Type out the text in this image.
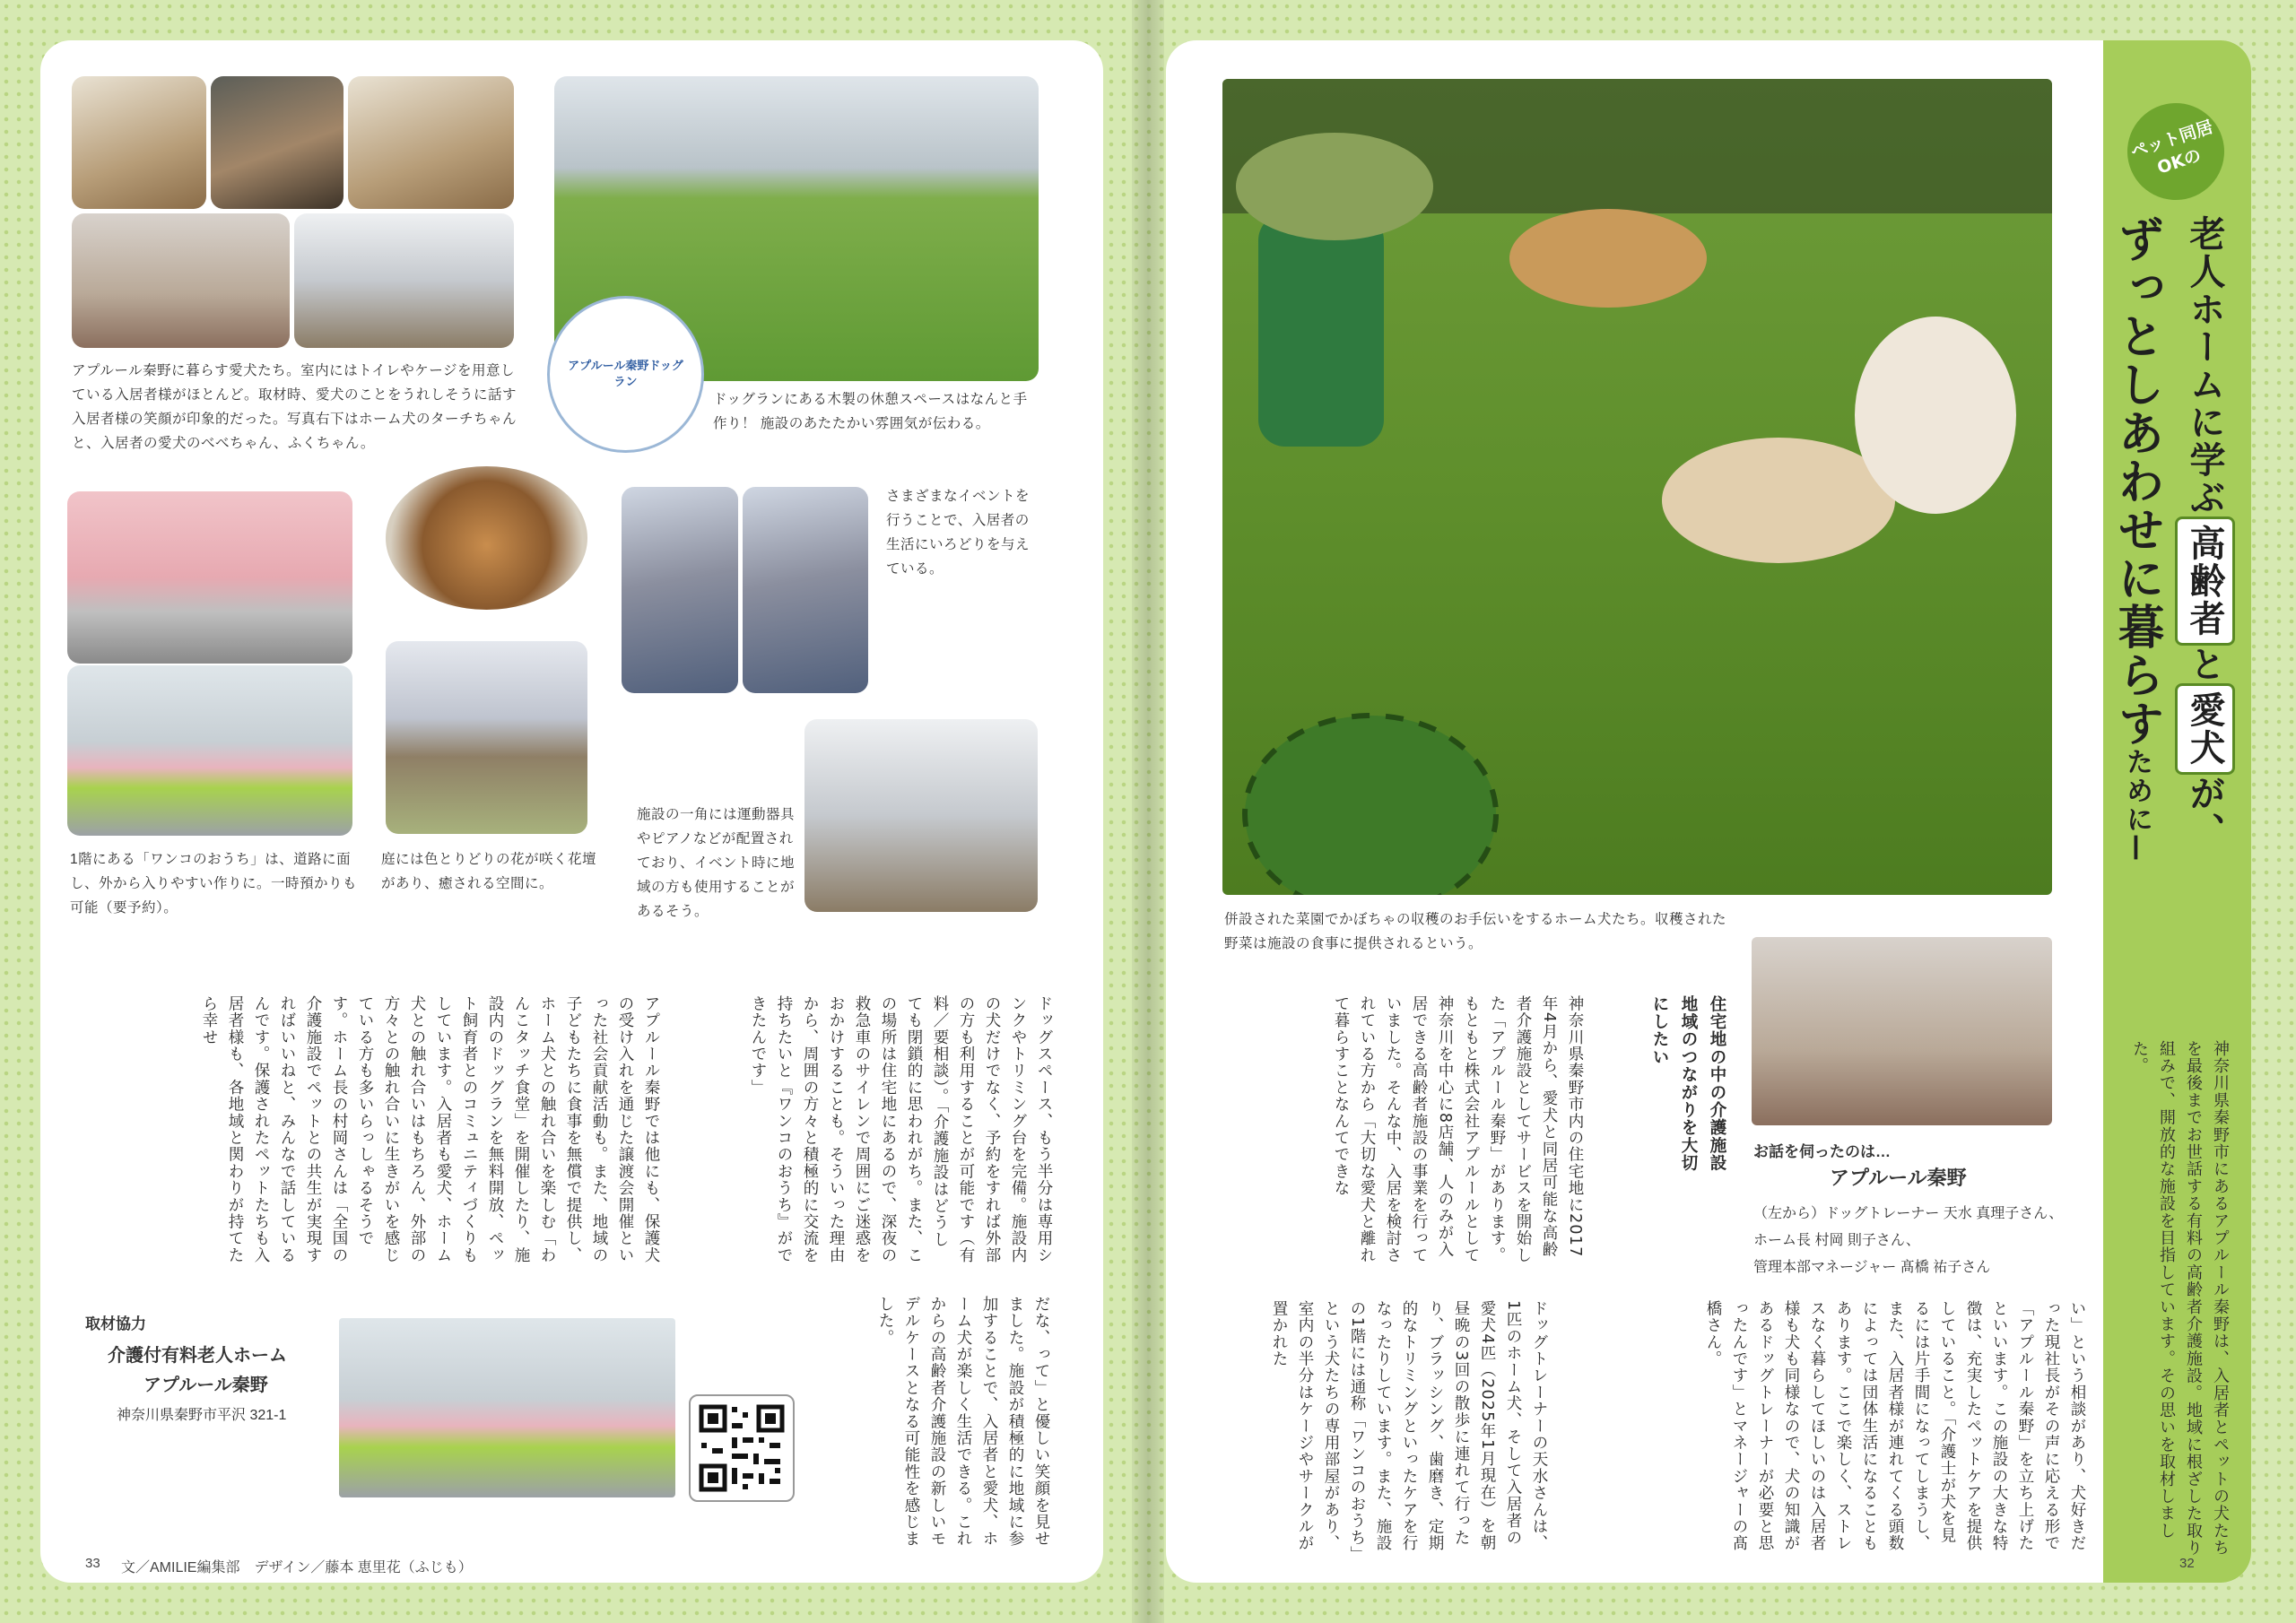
アプルール秦野ドッグラン
アプルール秦野に暮らす愛犬たち。室内にはトイレやケージを用意している入居者様がほとんど。取材時、愛犬のことをうれしそうに話す入居者様の笑顔が印象的だった。写真右下はホーム犬のターチちゃんと、入居者の愛犬のべべちゃん、ふくちゃん。
ドッグランにある木製の休憩スペースはなんと手作り！ 施設のあたたかい雰囲気が伝わる。
さまざまなイベントを行うことで、入居者の生活にいろどりを与えている。
1階にある「ワンコのおうち」は、道路に面し、外から入りやすい作りに。一時預かりも可能（要予約）。
庭には色とりどりの花が咲く花壇があり、癒される空間に。
施設の一角には運動器具やピアノなどが配置されており、イベント時に地域の方も使用することがあるそう。
ドッグスペース、もう半分は専用シンクやトリミング台を完備。施設内の犬だけでなく、予約をすれば外部の方も利用することが可能です（有料／要相談）。「介護施設はどうしても閉鎖的に思われがち。また、この場所は住宅地にあるので、深夜の救急車のサイレンで周囲にご迷惑をおかけすることも。そういった理由から、周囲の方々と積極的に交流を持ちたいと『ワンコのおうち』ができたんです」
アプルール秦野では他にも、保護犬の受け入れを通じた譲渡会開催といった社会貢献活動も。また、地域の子どもたちに食事を無償で提供し、ホーム犬との触れ合いを楽しむ「わんこタッチ食堂」を開催したり、施設内のドッグランを無料開放、ペット飼育者とのコミュニティづくりもしています。入居者も愛犬、ホーム犬との触れ合いはもちろん、外部の方々との触れ合いに生きがいを感じている方も多いらっしゃるそうです。ホーム長の村岡さんは「全国の介護施設でペットとの共生が実現すればいいねと、みんなで話しているんです。保護されたペットたちも入居者様も、各地域と関わりが持てたら幸せ
だな、って」と優しい笑顔を見せました。施設が積極的に地域に参加することで、入居者と愛犬、ホーム犬が楽しく生活できる。これからの高齢者介護施設の新しいモデルケースとなる可能性を感じました。
取材協力
介護付有料老人ホーム
アプルール秦野
神奈川県秦野市平沢 321-1
33 文／AMILIE編集部　デザイン／藤本 恵里花（ふじも）
併設された菜園でかぼちゃの収穫のお手伝いをするホーム犬たち。収穫された野菜は施設の食事に提供されるという。
お話を伺ったのは…
アプルール秦野
（左から）ドッグトレーナー 天水 真理子さん、
ホーム長 村岡 則子さん、
管理本部マネージャー 髙橋 祐子さん
ペット同居OKの
老人ホームに学ぶ高齢者と愛犬が、
ずっとしあわせに暮らすために—
神奈川県秦野市にあるアプルール秦野は、入居者とペットの犬たちを最後までお世話する有料の高齢者介護施設。地域に根ざした取り組みで、開放的な施設を目指しています。その思いを取材しました。
住宅地の中の介護施設地域のつながりを大切にしたい
神奈川県秦野市内の住宅地に2017年4月から、愛犬と同居可能な高齢者介護施設としてサービスを開始した「アプルール秦野」があります。もともと株式会社アプルールとして神奈川を中心に8店舗、人のみが入居できる高齢者施設の事業を行っていました。そんな中、入居を検討されている方から「大切な愛犬と離れて暮らすことなんてできな
い」という相談があり、犬好きだった現社長がその声に応える形で「アプルール秦野」を立ち上げたといいます。この施設の大きな特徴は、充実したペットケアを提供していること。「介護士が犬を見るには片手間になってしまうし、また、入居者様が連れてくる頭数によっては団体生活になることもあります。ここで楽しく、ストレスなく暮らしてほしいのは入居者様も犬も同様なので、犬の知識があるドッグトレーナーが必要と思ったんです」とマネージャーの髙橋さん。
ドッグトレーナーの天水さんは、1匹のホーム犬、そして入居者の愛犬4匹（2025年1月現在）を朝昼晩の3回の散歩に連れて行ったり、ブラッシング、歯磨き、定期的なトリミングといったケアを行なったりしています。また、施設の1階には通称「ワンコのおうち」という犬たちの専用部屋があり、室内の半分はケージやサークルが置かれた
32
